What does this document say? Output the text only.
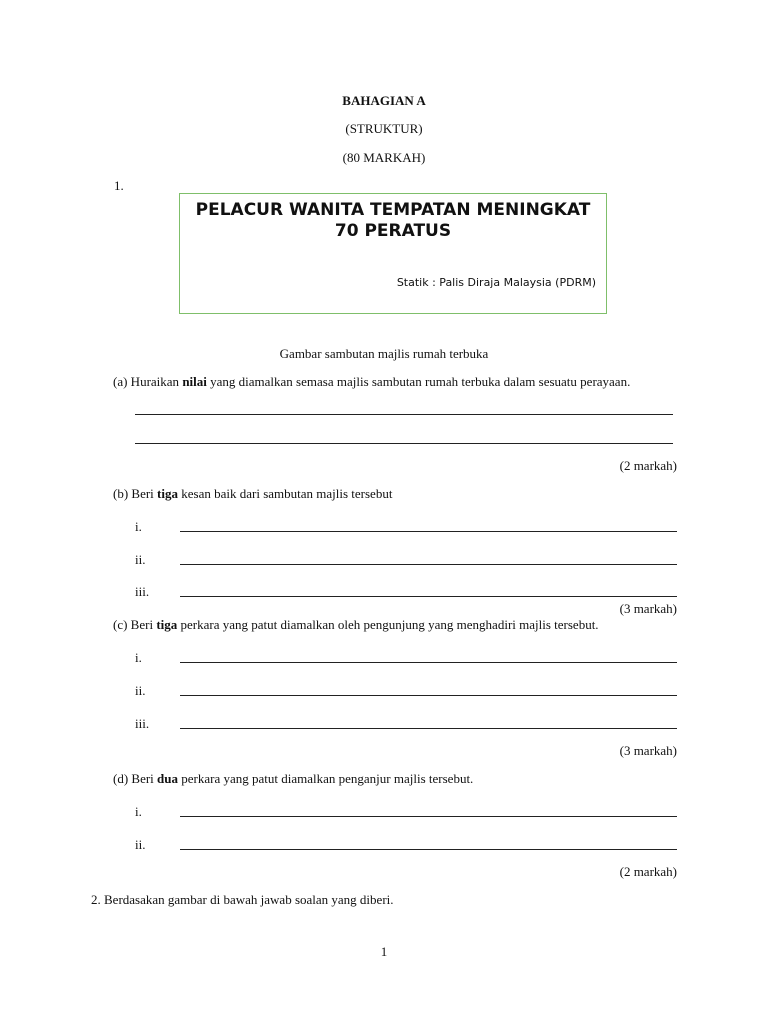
BAHAGIAN A
(STRUKTUR)
(80 MARKAH)
1.
PELACUR WANITA TEMPATAN MENINGKAT
70 PERATUS
Statik : Palis Diraja Malaysia (PDRM)
Gambar sambutan majlis rumah terbuka
(a) Huraikan nilai yang diamalkan semasa majlis sambutan rumah terbuka dalam sesuatu perayaan.
(2 markah)
(b) Beri tiga kesan baik dari sambutan majlis tersebut
i.
ii.
iii.
(3 markah)
(c) Beri tiga perkara yang patut diamalkan oleh pengunjung yang menghadiri majlis tersebut.
i.
ii.
iii.
(3 markah)
(d) Beri dua perkara yang patut diamalkan penganjur majlis tersebut.
i.
ii.
(2 markah)
2. Berdasakan gambar di bawah jawab soalan yang diberi.
1
